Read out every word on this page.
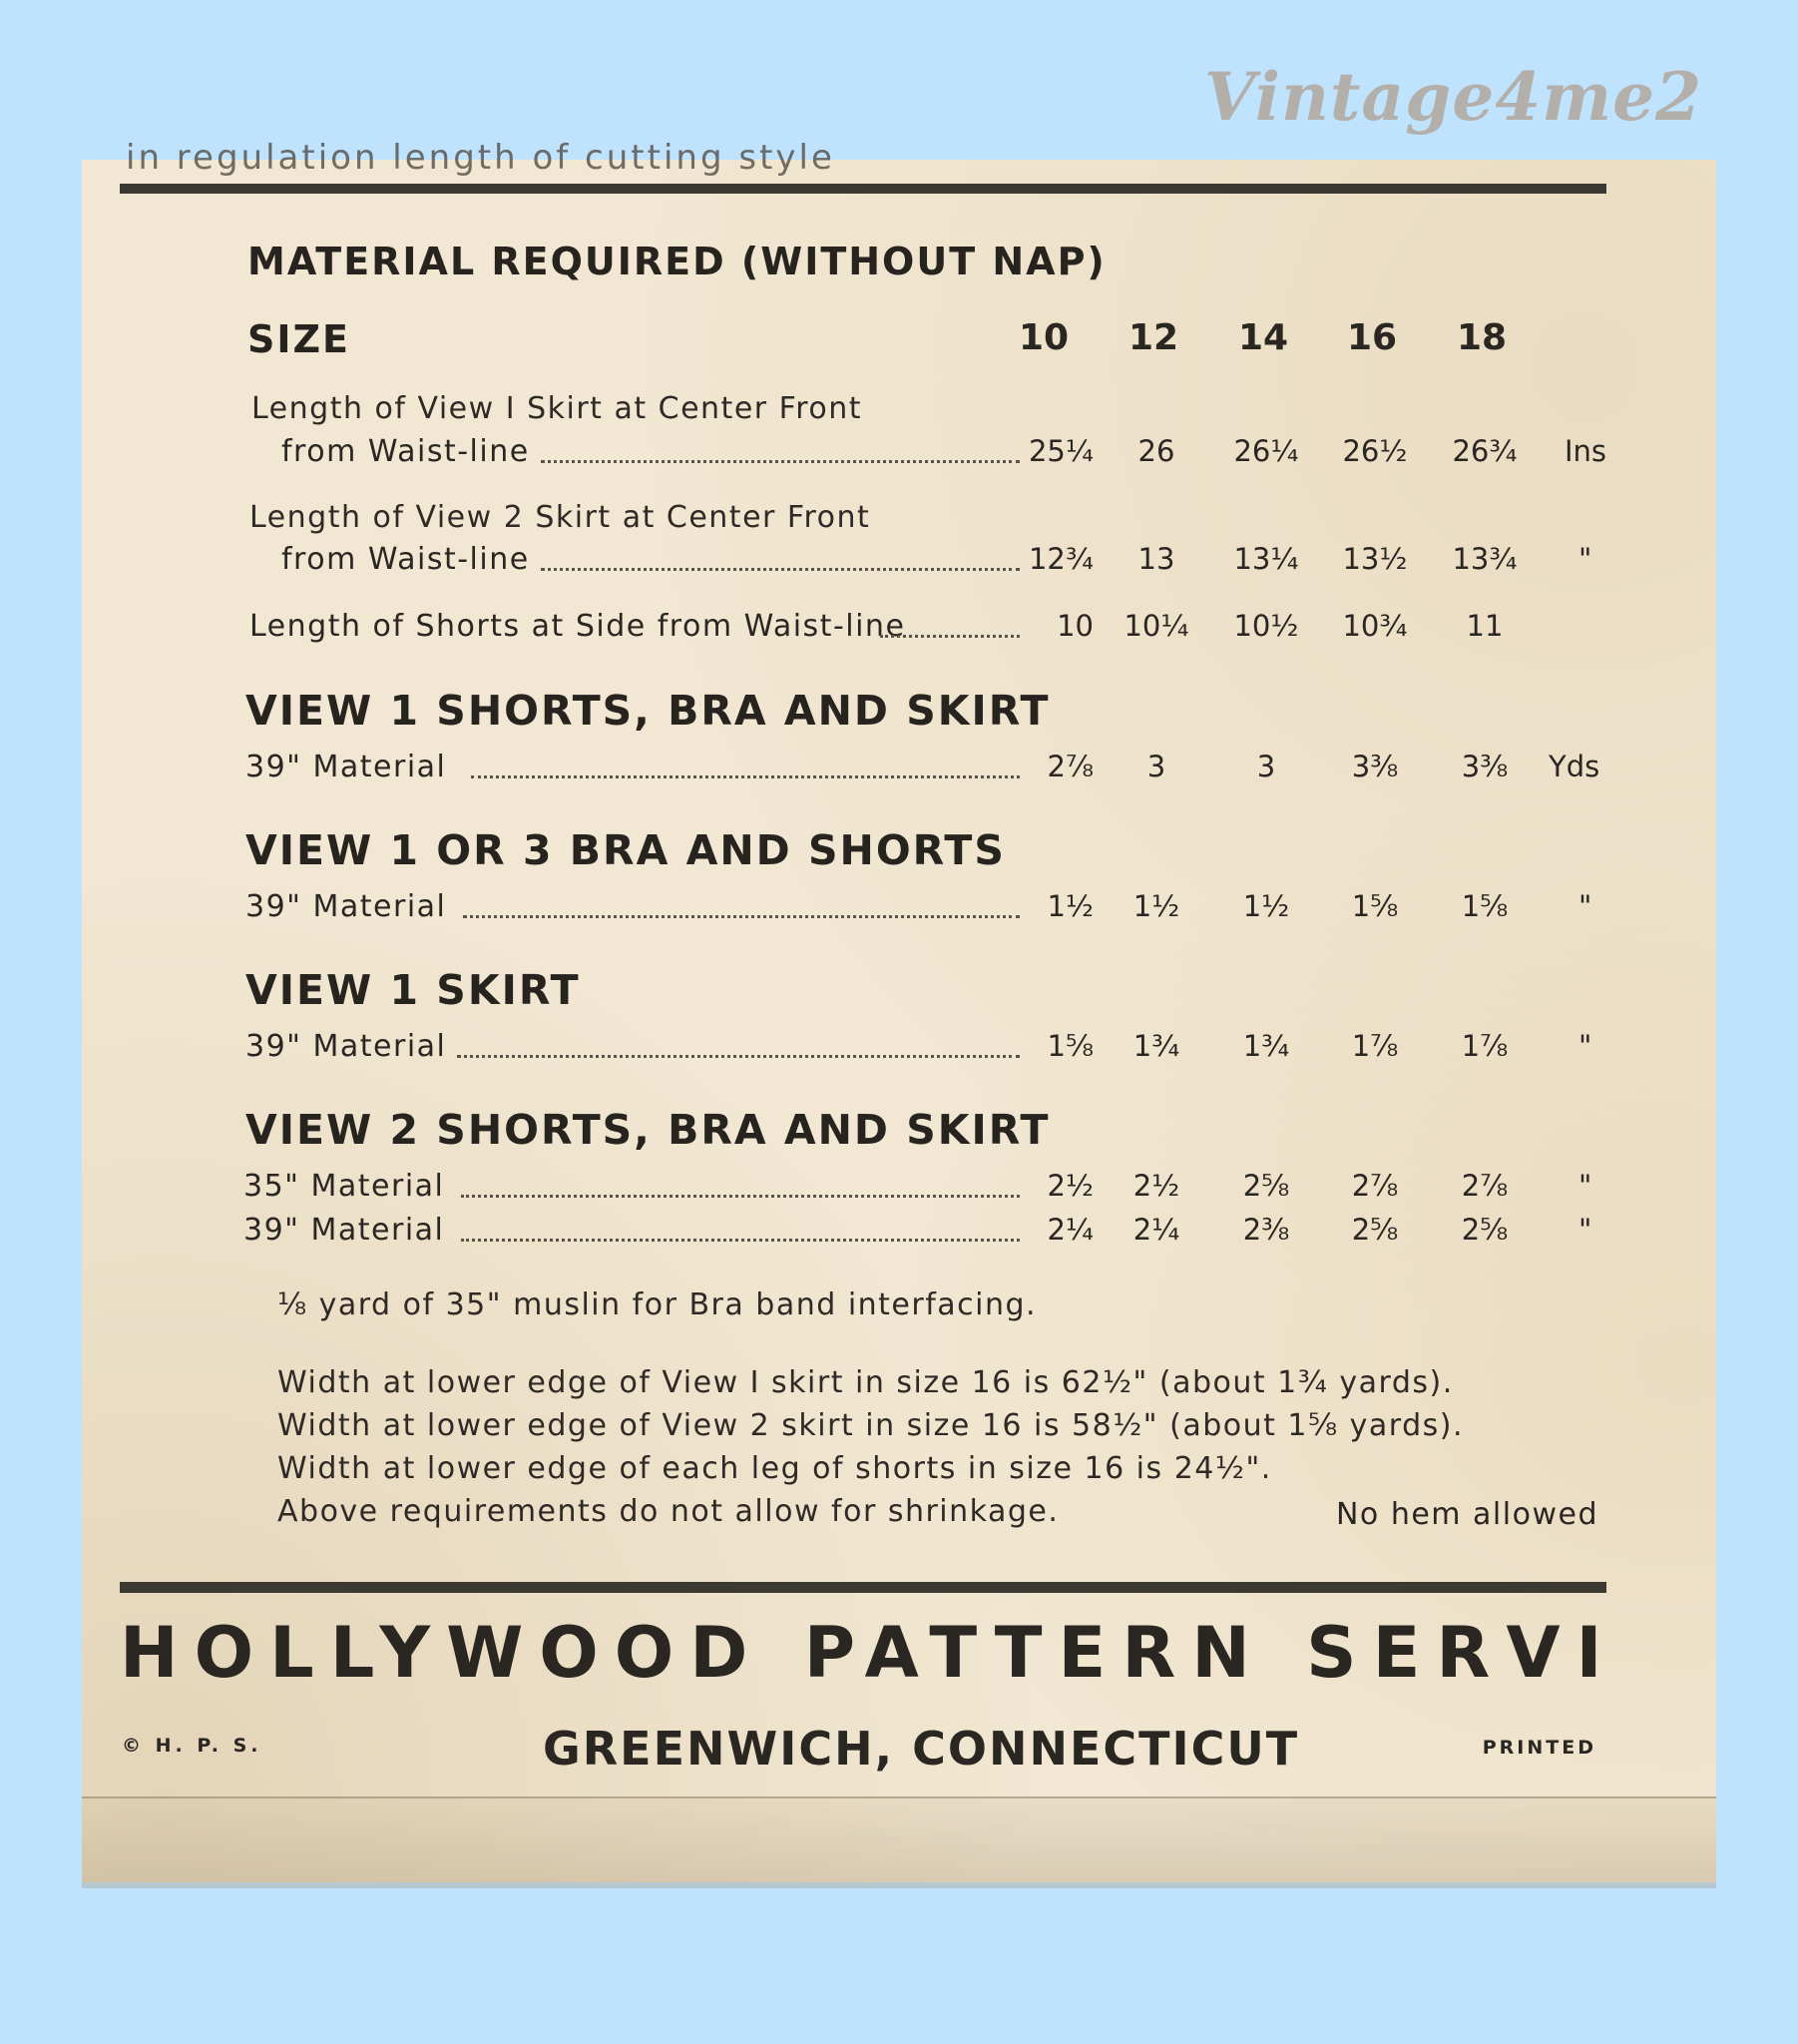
Vintage4me2
in regulation length of cutting style
MATERIAL REQUIRED (WITHOUT NAP)
SIZE	10	12	14	16	18
Length of View I Skirt at Center Front
from Waist-line	25¼	26	26¼	26½	26¾	Ins
Length of View 2 Skirt at Center Front
from Waist-line	12¾	13	13¼	13½	13¾	"
Length of Shorts at Side from Waist-line	10	10¼	10½	10¾	11
VIEW 1 SHORTS, BRA AND SKIRT
39" Material	2⅞	3	3	3⅜	3⅜	Yds
VIEW 1 OR 3 BRA AND SHORTS
39" Material	1½	1½	1½	1⅝	1⅝	"
VIEW 1 SKIRT
39" Material	1⅝	1¾	1¾	1⅞	1⅞	"
VIEW 2 SHORTS, BRA AND SKIRT
35" Material	2½	2½	2⅝	2⅞	2⅞	"
39" Material	2¼	2¼	2⅜	2⅝	2⅝	"
⅛ yard of 35" muslin for Bra band interfacing.
Width at lower edge of View I skirt in size 16 is 62½" (about 1¾ yards).
Width at lower edge of View 2 skirt in size 16 is 58½" (about 1⅝ yards).
Width at lower edge of each leg of shorts in size 16 is 24½".
Above requirements do not allow for shrinkage.	No hem allowed
HOLLYWOOD PATTERN SERVI
© H. P. S.	GREENWICH, CONNECTICUT	PRINTED
